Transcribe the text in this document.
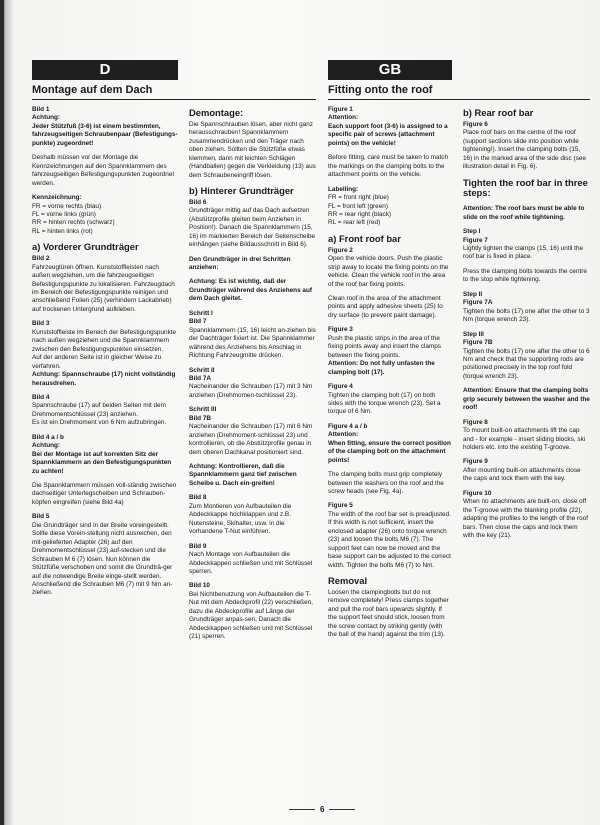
D
Montage auf dem Dach

Bild 1

Achtung:

Jeder Stützfuß (3-6) ist einem bestimmten, fahrzeugseitigen Schraubenpaar (Befestigungs-punkte) zugeordnet!

Deshalb müssen vor der Montage die Kennzeichnungen auf den Spannklammern des fahrzeugseitigen Befestigungspunkten zugeordnet werden.

Kennzeichnung:

FR = vorne rechts (blau)

FL = vorne links (grün)

RR = hinten rechts (schwarz)

RL = hinten links (rot)

a) Vorderer Grundträger

Bild 2

Fahrzeugtüren öffnen. Kunststoffleisten nach außen wegziehen, um die fahrzeugseitigen Befestigungspunkte zu lokalisieren. Fahrzeugdach im Bereich der Befestigungspunkte reinigen und anschließend Folien (25) (verhindern Lackabrieb) auf trockenen Untergrund aufkleben.

Bild 3

Kunststoffleiste im Bereich der Befestigungspunkte nach außen wegziehen und die Spannklammern zwischen den Befestigungspunkten einsetzen.

Auf der anderen Seite ist in gleicher Weise zu verfahren.

Achtung: Spannschraube (17) nicht vollständig herausdrehen.

Bild 4

Spannschraube (17) auf beiden Seiten mit dem Drehmomentschlüssel (23) anziehen.

Es ist ein Drehmoment von 6 Nm aufzubringen.

Bild 4 a / b

Achtung:

Bei der Montage ist auf korrekten Sitz der Spannklammern an den Befestigungspunkten zu achten!

Die Spannklammern müssen voll-ständig zwischen dachseitiger Unterlegscheiben und Schrauben-köpfen eingreifen (siehe Bild 4a)

Bild 5

Die Grundträger sind in der Breite voreingestellt. Sollte diese Vorein-stellung nicht ausreichen, den mit-gelieferten Adapter (26) auf den Drehmomentschlüssel (23) auf-stecken und die Schrauben M 6 (7) lösen. Nun können die Stützfüße verschoben und somit die Grundträ-ger auf die notwendige Breite einge-stellt werden. Anschließend die Schrauben M6 (7) mit 9 Nm an-ziehen.

Demontage:

Die Spannschrauben lösen, aber nicht ganz herausschrauben! Spannklammern zusammendrücken und den Träger nach oben ziehen. Sollten die Stützfüße etwas klemmen, dann mit leichten Schlägen (Handballen) gegen die Verkleidung (13) aus dem Schraubeneingriff lösen.

b) Hinterer Grundträger

Bild 6

Grundträger mittig auf das Dach aufsetzen (Abstützprofile gleiten beim Anziehen in Position!). Danach die Spannklammern (15, 16) im markierten Bereich der Seitenscheibe einhängen (siehe Bildausschnitt in Bild 6).

Den Grundträger in drei Schritten anziehen:

Achtung: Es ist wichtig, daß der Grundträger während des Anziehens auf dem Dach gleitet.

Schritt I

Bild 7

Spannklammern (15, 16) leicht an-ziehen bis der Dachträger fixiert ist. Die Spannklammer während des Anziehens bis Anschlag in Richtung Fahrzeugmitte drücken.

Schritt II

Bild 7A

Nacheinander die Schrauben (17) mit 3 Nm anziehen (Drehmomen-tschlüssel 23).

Schritt III

Bild 7B

Nacheinander die Schrauben (17) mit 6 Nm anziehen (Drehmoment-schlüssel 23) und kontrollieren, ob die Abstützprofile genau in dem oberen Dachkanal positioniert sind.

Achtung: Kontrollieren, daß die Spannklammern ganz tief zwischen Scheibe u. Dach ein-greifen!

Bild 8

Zum Montieren von Aufbauteilen die Abdeckkappe hochklappen und z.B. Nutensteine, Skihalter, usw. in die vorhandene T-Nut einführen.

Bild 9

Nach Montage von Aufbauteilen die Abdeckkappen schließen und mit Schlüssel sperren.

Bild 10

Bei Nichtbenutzung von Aufbauteilen die T-Nut mit dem Abdeckprofil (22) verschließen, dazu die Abdeckprofile auf Länge der Grundträger anpas-sen, Danach die Abdeckkappen schließen und mit Schlüssel (21) sperren.

GB
Fitting onto the roof

Figure 1

Attention:

Each support foot (3-6) is assigned to a specific pair of screws (attachment points) on the vehicle!

Before fitting, care must be taken to match the markings on the clamping bolts to the attachment points on the vehicle.

Labelling:

FR = front right (blue)

FL = front left (green)

RR = rear right (black)

RL = rear left (red)

a) Front roof bar

Figure 2

Open the vehicle doors. Push the plastic strip away to locate the fixing points on the vehicle. Clean the vehicle roof in the area of the roof bar fixing points.

Clean roof in the area of the attachment points and apply adhesive sheets (25) to dry surface (to prevent paint damage).

Figure 3

Push the plastic strips in the area of the fixing points away and insert the clamps between the fixing points.

Attention: Do not fully unfasten the clamping bolt (17).

Figure 4

Tighten the clamping bolt (17) on both sides with the torque wrench (23). Set a torque of 6 Nm.

Figure 4 a / b

Attention:

When fitting, ensure the correct position of the clamping bolt on the attachment points!

The clamping bolts must grip completely between the washers on the roof and the screw heads (see Fig. 4a).

Figure 5

The width of the roof bar set is preadjusted. If this width is not sufficient, insert the enclosed adapter (26) onto torque wrench (23) and loosen the bolts M6 (7). The support feet can now be moved and the base support can be adjusted to the correct width. Tighten the bolts M6 (7) to Nm.

Removal

Loosen the clampingbolts but do not remove completely! Press clamps together and pull the roof bars upwards slightly. If the support feet should stick, loosen from the screw contact by striking gently (with the ball of the hand) against the trim (13).

b) Rear roof bar

Figure 6

Place roof bars on the centre of the roof (support sections slide into position while tightening!). Insert the clamping bolts (15, 16) in the marked area of the side disc (see illustration detail in Fig. 6).

Tighten the roof bar in three steps:

Attention: The roof bars must be able to slide on the roof while tightening.

Step I

Figure 7

Lightly tighten the clamps (15, 16) until the roof bar is fixed in place.

Press the clamping bolts towards the centre to the stop while tightening.

Step II

Figure 7A

Tighten the bolts (17) one after the other to 3 Nm (torque wrench 23).

Step III

Figure 7B

Tighten the bolts (17) one after the other to 6 Nm and check that the supporting rods are positioned precisely in the top roof fold (torque wrench 23).

Attention: Ensure that the clamping bolts grip securely between the washer and the roof!

Figure 8

To mount built-on attachments lift the cap and - for example - insert sliding blocks, ski holders etc. into the existing T-groove.

Figure 9

After mounting built-on attachments close the caps and lock them with the key.

Figure 10

When no attachments are built-on, close off the T-groove with the blanking profile (22), adapting the profiles to the length of the roof bars. Then close the caps and lock them with the key (21).

6
